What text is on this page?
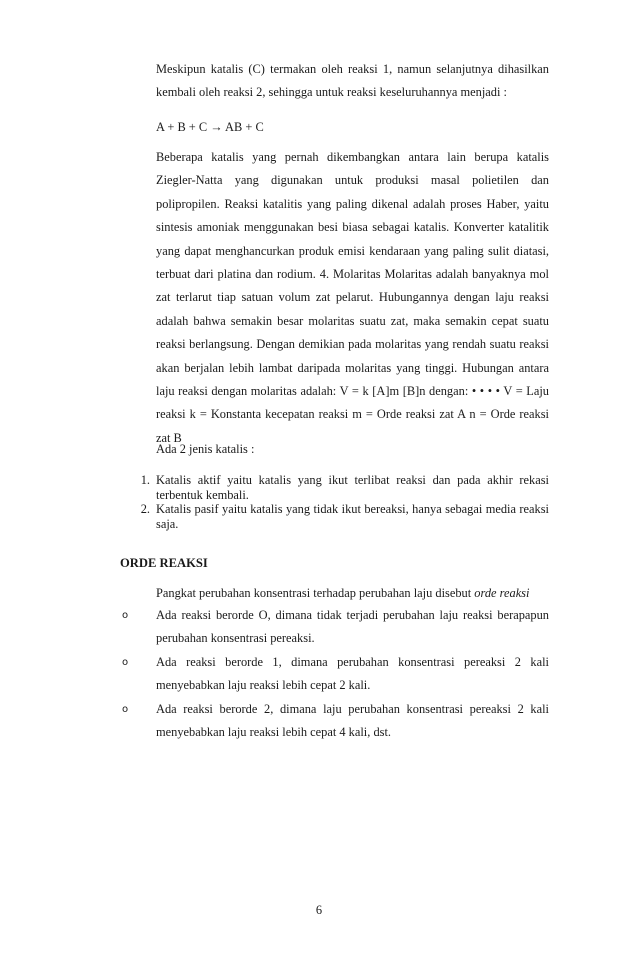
Meskipun katalis (C) termakan oleh reaksi 1, namun selanjutnya dihasilkan
kembali oleh reaksi 2, sehingga untuk reaksi keseluruhannya menjadi :
A + B + C → AB + C
Beberapa katalis yang pernah dikembangkan antara lain berupa katalis
Ziegler-Natta yang digunakan untuk produksi masal polietilen dan
polipropilen. Reaksi katalitis yang paling dikenal adalah proses Haber, yaitu
sintesis amoniak menggunakan besi biasa sebagai katalis. Konverter katalitik
yang dapat menghancurkan produk emisi kendaraan yang paling sulit diatasi,
terbuat dari platina dan rodium. 4. Molaritas Molaritas adalah banyaknya mol
zat terlarut tiap satuan volum zat pelarut. Hubungannya dengan laju reaksi
adalah bahwa semakin besar molaritas suatu zat, maka semakin cepat suatu
reaksi berlangsung. Dengan demikian pada molaritas yang rendah suatu reaksi
akan berjalan lebih lambat daripada molaritas yang tinggi. Hubungan antara
laju reaksi dengan molaritas adalah: V = k [A]m [B]n dengan: • • • • V = Laju
reaksi k = Konstanta kecepatan reaksi m = Orde reaksi zat A n = Orde reaksi
zat B
Ada 2 jenis katalis :
1. Katalis aktif yaitu katalis yang ikut terlibat reaksi dan pada akhir rekasi
terbentuk kembali.
2. Katalis pasif yaitu katalis yang tidak ikut bereaksi, hanya sebagai media reaksi
saja.
ORDE REAKSI
Pangkat perubahan konsentrasi terhadap perubahan laju disebut orde reaksi
o Ada reaksi berorde O, dimana tidak terjadi perubahan laju reaksi berapapun
perubahan konsentrasi pereaksi.
o Ada reaksi berorde 1, dimana perubahan konsentrasi pereaksi 2 kali
menyebabkan laju reaksi lebih cepat 2 kali.
o Ada reaksi berorde 2, dimana laju perubahan konsentrasi pereaksi 2 kali
menyebabkan laju reaksi lebih cepat 4 kali, dst.
6
